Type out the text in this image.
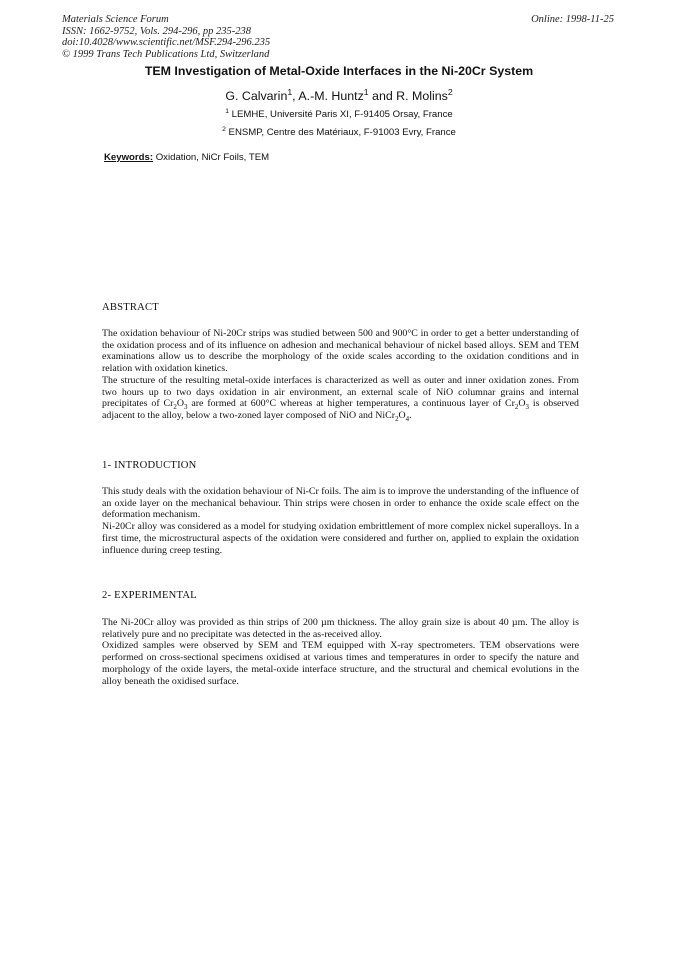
Materials Science Forum
ISSN: 1662-9752, Vols. 294-296, pp 235-238
doi:10.4028/www.scientific.net/MSF.294-296.235
© 1999 Trans Tech Publications Ltd, Switzerland
Online: 1998-11-25
TEM Investigation of Metal-Oxide Interfaces in the Ni-20Cr System
G. Calvarin$^1$, A.-M. Huntz$^1$ and R. Molins$^2$
$^1$ LEMHE, Université Paris XI, F-91405 Orsay, France
$^2$ ENSMP, Centre des Matériaux, F-91003 Evry, France
Keywords: Oxidation, NiCr Foils, TEM
ABSTRACT

The oxidation behaviour of Ni-20Cr strips was studied between 500 and 900°C in order to get a better understanding of the oxidation process and of its influence on adhesion and mechanical behaviour of nickel based alloys. SEM and TEM examinations allow us to describe the morphology of the oxide scales according to the oxidation conditions and in relation with oxidation kinetics.

The structure of the resulting metal-oxide interfaces is characterized as well as outer and inner oxidation zones. From two hours up to two days oxidation in air environment, an external scale of NiO columnar grains and internal precipitates of $Cr_2O_3$ are formed at 600°C whereas at higher temperatures, a continuous layer of $Cr_2O_3$ is observed adjacent to the alloy, below a two-zoned layer composed of NiO and $NiCr_2O_4$.

1- INTRODUCTION

This study deals with the oxidation behaviour of Ni-Cr foils. The aim is to improve the understanding of the influence of an oxide layer on the mechanical behaviour. Thin strips were chosen in order to enhance the oxide scale effect on the deformation mechanism.

Ni-20Cr alloy was considered as a model for studying oxidation embrittlement of more complex nickel superalloys. In a first time, the microstructural aspects of the oxidation were considered and further on, applied to explain the oxidation influence during creep testing.

2- EXPERIMENTAL

The Ni-20Cr alloy was provided as thin strips of 200 µm thickness. The alloy grain size is about 40 µm. The alloy is relatively pure and no precipitate was detected in the as-received alloy.

Oxidized samples were observed by SEM and TEM equipped with X-ray spectrometers. TEM observations were performed on cross-sectional specimens oxidised at various times and temperatures in order to specify the nature and morphology of the oxide layers, the metal-oxide interface structure, and the structural and chemical evolutions in the alloy beneath the oxidised surface.
